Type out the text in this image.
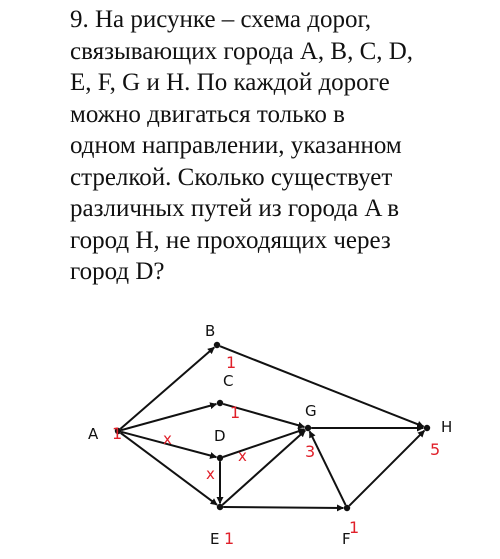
9. На рисунке – схема дорог,
связывающих города A, B, C, D,
E, F, G и H. По каждой дороге
можно двигаться только в
одном направлении, указанном
стрелкой. Сколько существует
различных путей из города A в
город H, не проходящих через
город D?

B
C
A	D
G
H
E	F
1
1
1
3	5
1
1
x
x
x
